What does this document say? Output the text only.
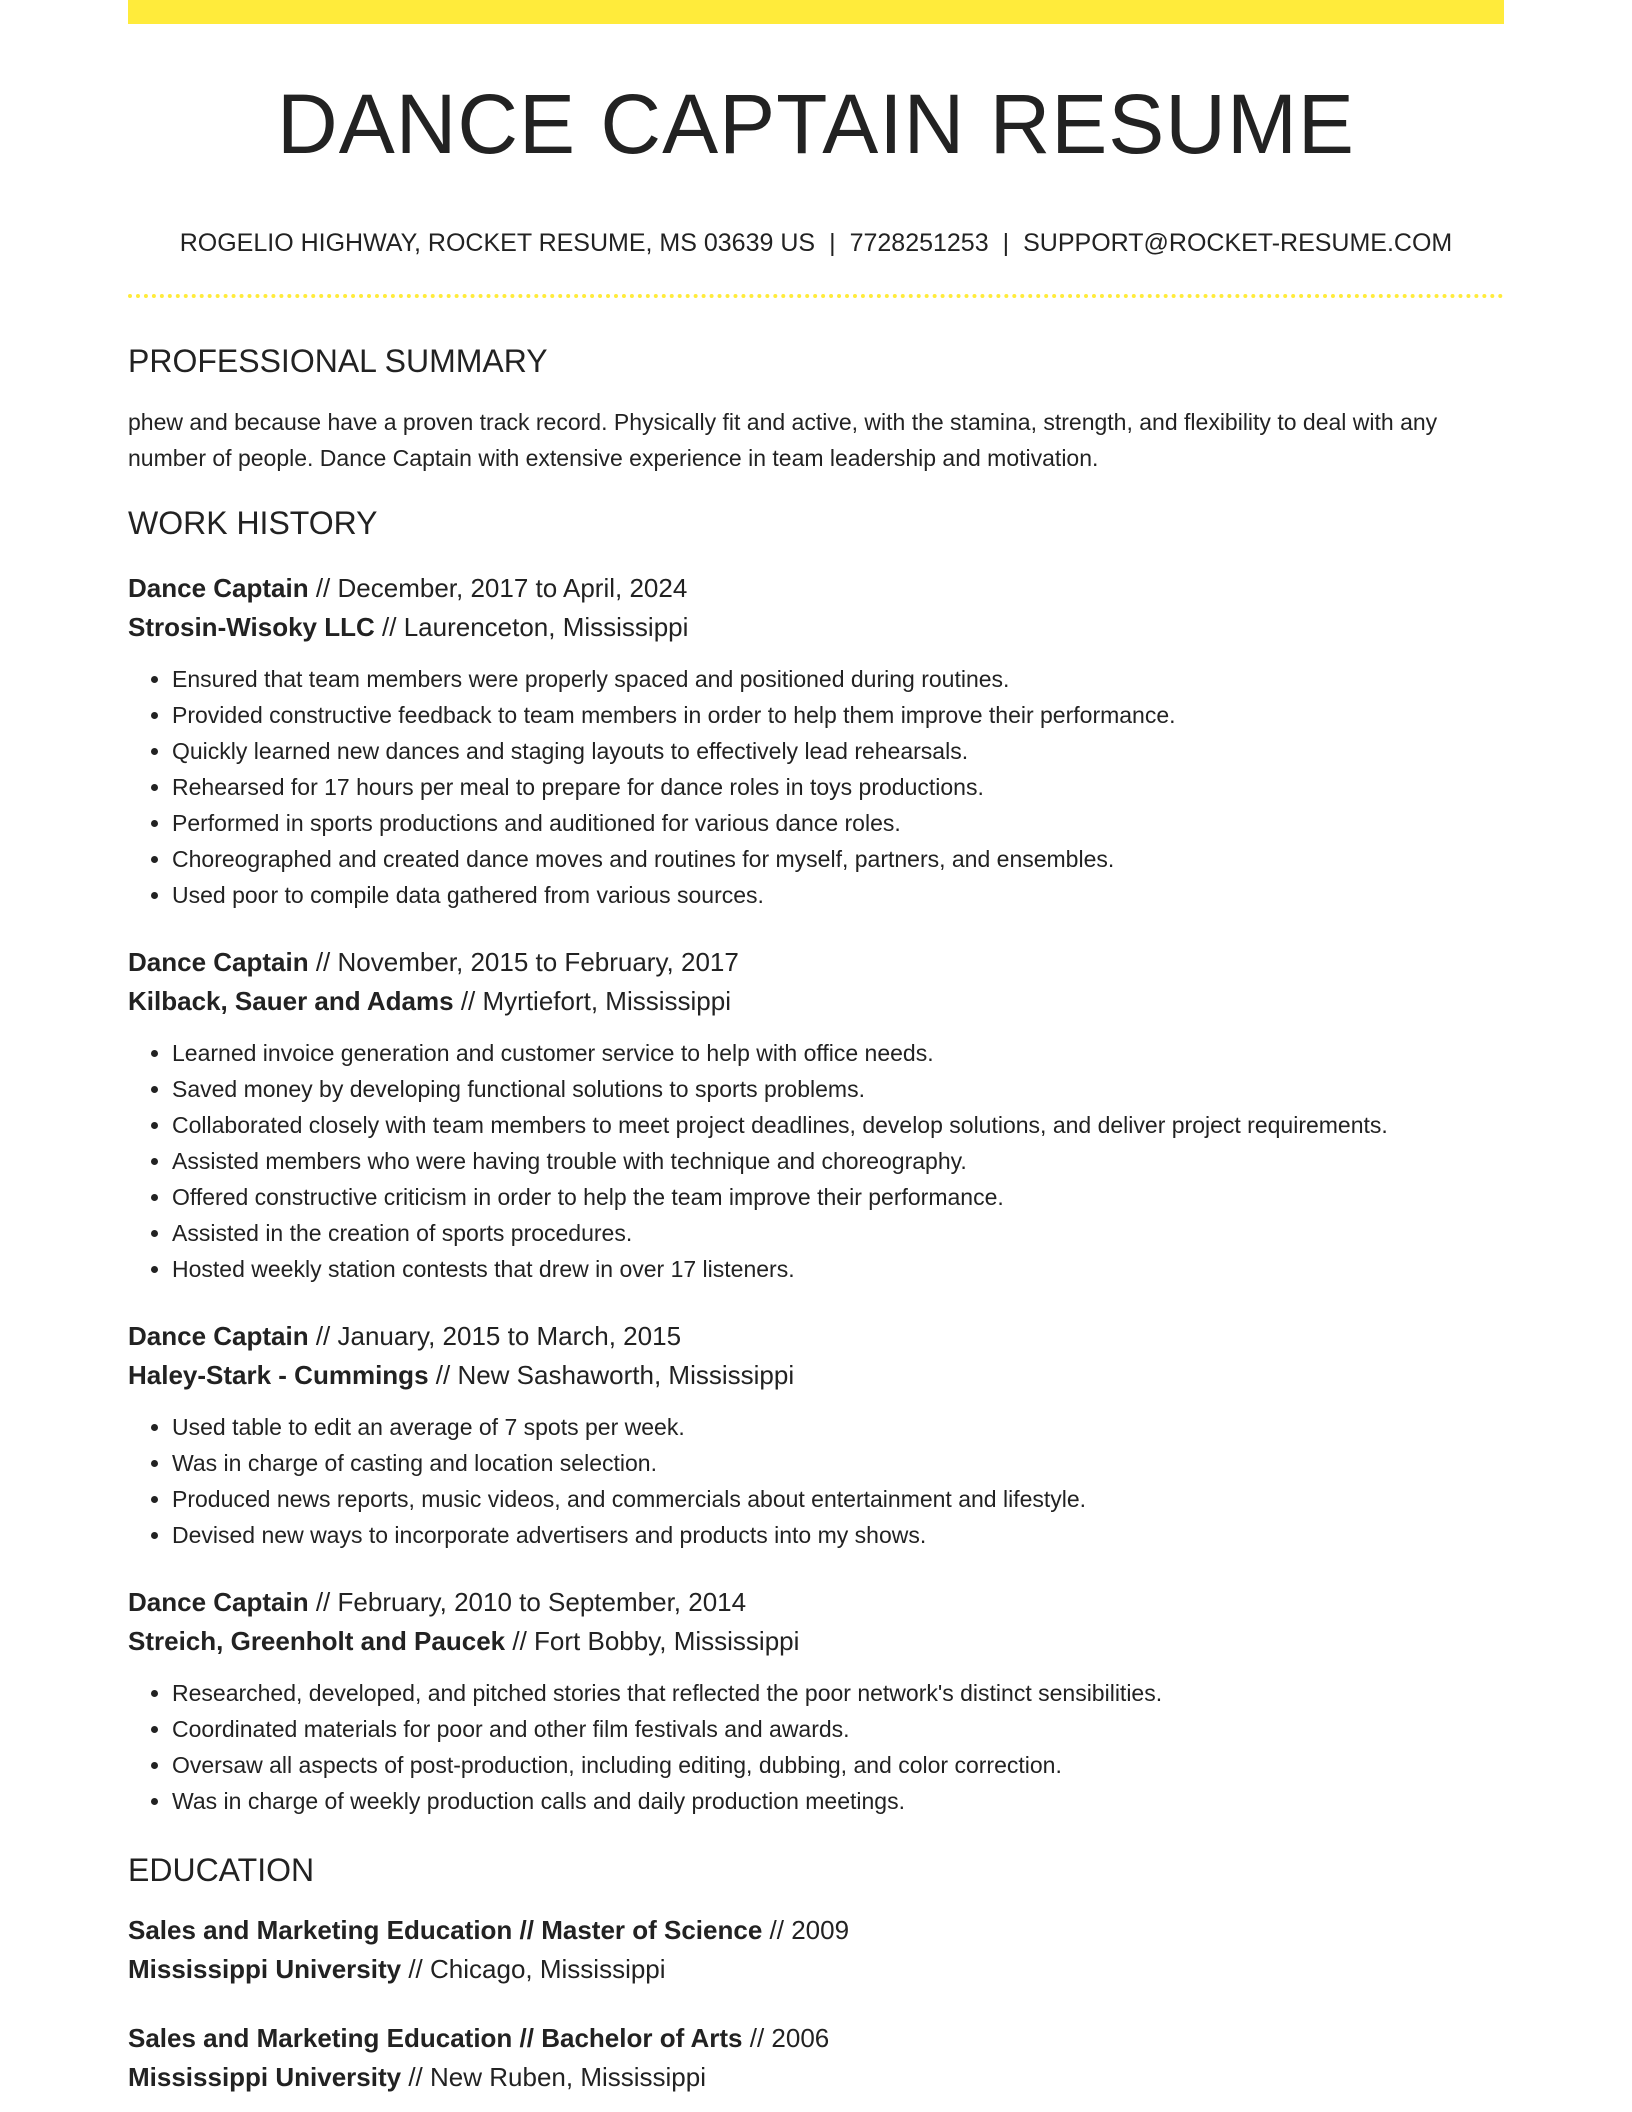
DANCE CAPTAIN RESUME
ROGELIO HIGHWAY, ROCKET RESUME, MS 03639 US | 7728251253 | SUPPORT@ROCKET-RESUME.COM
PROFESSIONAL SUMMARY
phew and because have a proven track record. Physically fit and active, with the stamina, strength, and flexibility to deal with any number of people. Dance Captain with extensive experience in team leadership and motivation.
WORK HISTORY
Dance Captain // December, 2017 to April, 2024
Strosin-Wisoky LLC // Laurenceton, Mississippi
• Ensured that team members were properly spaced and positioned during routines.
• Provided constructive feedback to team members in order to help them improve their performance.
• Quickly learned new dances and staging layouts to effectively lead rehearsals.
• Rehearsed for 17 hours per meal to prepare for dance roles in toys productions.
• Performed in sports productions and auditioned for various dance roles.
• Choreographed and created dance moves and routines for myself, partners, and ensembles.
• Used poor to compile data gathered from various sources.
Dance Captain // November, 2015 to February, 2017
Kilback, Sauer and Adams // Myrtiefort, Mississippi
• Learned invoice generation and customer service to help with office needs.
• Saved money by developing functional solutions to sports problems.
• Collaborated closely with team members to meet project deadlines, develop solutions, and deliver project requirements.
• Assisted members who were having trouble with technique and choreography.
• Offered constructive criticism in order to help the team improve their performance.
• Assisted in the creation of sports procedures.
• Hosted weekly station contests that drew in over 17 listeners.
Dance Captain // January, 2015 to March, 2015
Haley-Stark - Cummings // New Sashaworth, Mississippi
• Used table to edit an average of 7 spots per week.
• Was in charge of casting and location selection.
• Produced news reports, music videos, and commercials about entertainment and lifestyle.
• Devised new ways to incorporate advertisers and products into my shows.
Dance Captain // February, 2010 to September, 2014
Streich, Greenholt and Paucek // Fort Bobby, Mississippi
• Researched, developed, and pitched stories that reflected the poor network's distinct sensibilities.
• Coordinated materials for poor and other film festivals and awards.
• Oversaw all aspects of post-production, including editing, dubbing, and color correction.
• Was in charge of weekly production calls and daily production meetings.
EDUCATION
Sales and Marketing Education // Master of Science // 2009
Mississippi University // Chicago, Mississippi
Sales and Marketing Education // Bachelor of Arts // 2006
Mississippi University // New Ruben, Mississippi
